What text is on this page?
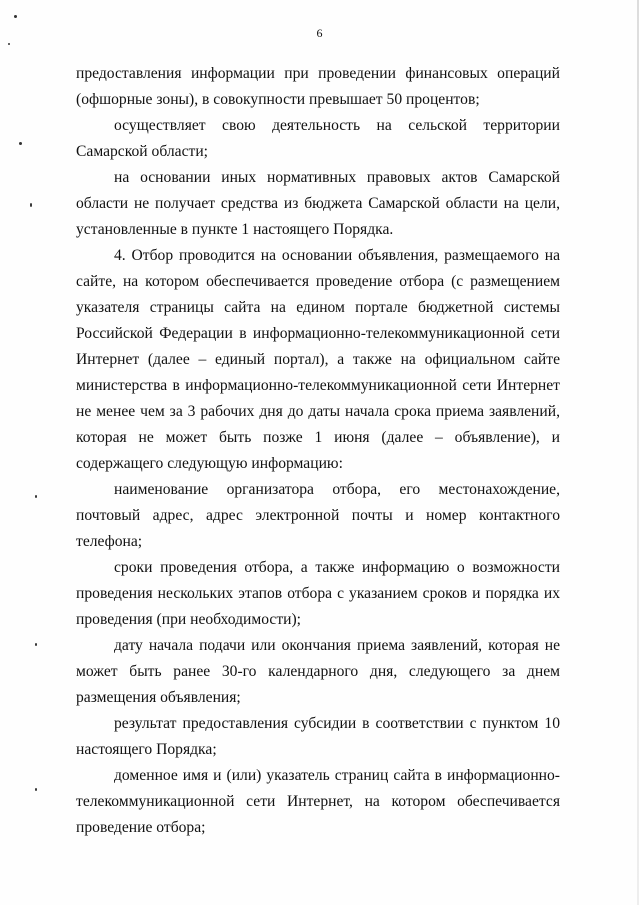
6

предоставления информации при проведении финансовых операций (офшорные зоны), в совокупности превышает 50 процентов;

осуществляет свою деятельность на сельской территории Самарской области;

на основании иных нормативных правовых актов Самарской области не получает средства из бюджета Самарской области на цели, установленные в пункте 1 настоящего Порядка.

4. Отбор проводится на основании объявления, размещаемого на сайте, на котором обеспечивается проведение отбора (с размещением указателя страницы сайта на едином портале бюджетной системы Российской Федерации в информационно-телекоммуникационной сети Интернет (далее – единый портал), а также на официальном сайте министерства в информационно-телекоммуникационной сети Интернет не менее чем за 3 рабочих дня до даты начала срока приема заявлений, которая не может быть позже 1 июня (далее – объявление), и содержащего следующую информацию:

наименование организатора отбора, его местонахождение, почтовый адрес, адрес электронной почты и номер контактного телефона;

сроки проведения отбора, а также информацию о возможности проведения нескольких этапов отбора с указанием сроков и порядка их проведения (при необходимости);

дату начала подачи или окончания приема заявлений, которая не может быть ранее 30-го календарного дня, следующего за днем размещения объявления;

результат предоставления субсидии в соответствии с пунктом 10 настоящего Порядка;

доменное имя и (или) указатель страниц сайта в информационно-телекоммуникационной сети Интернет, на котором обеспечивается проведение отбора;
